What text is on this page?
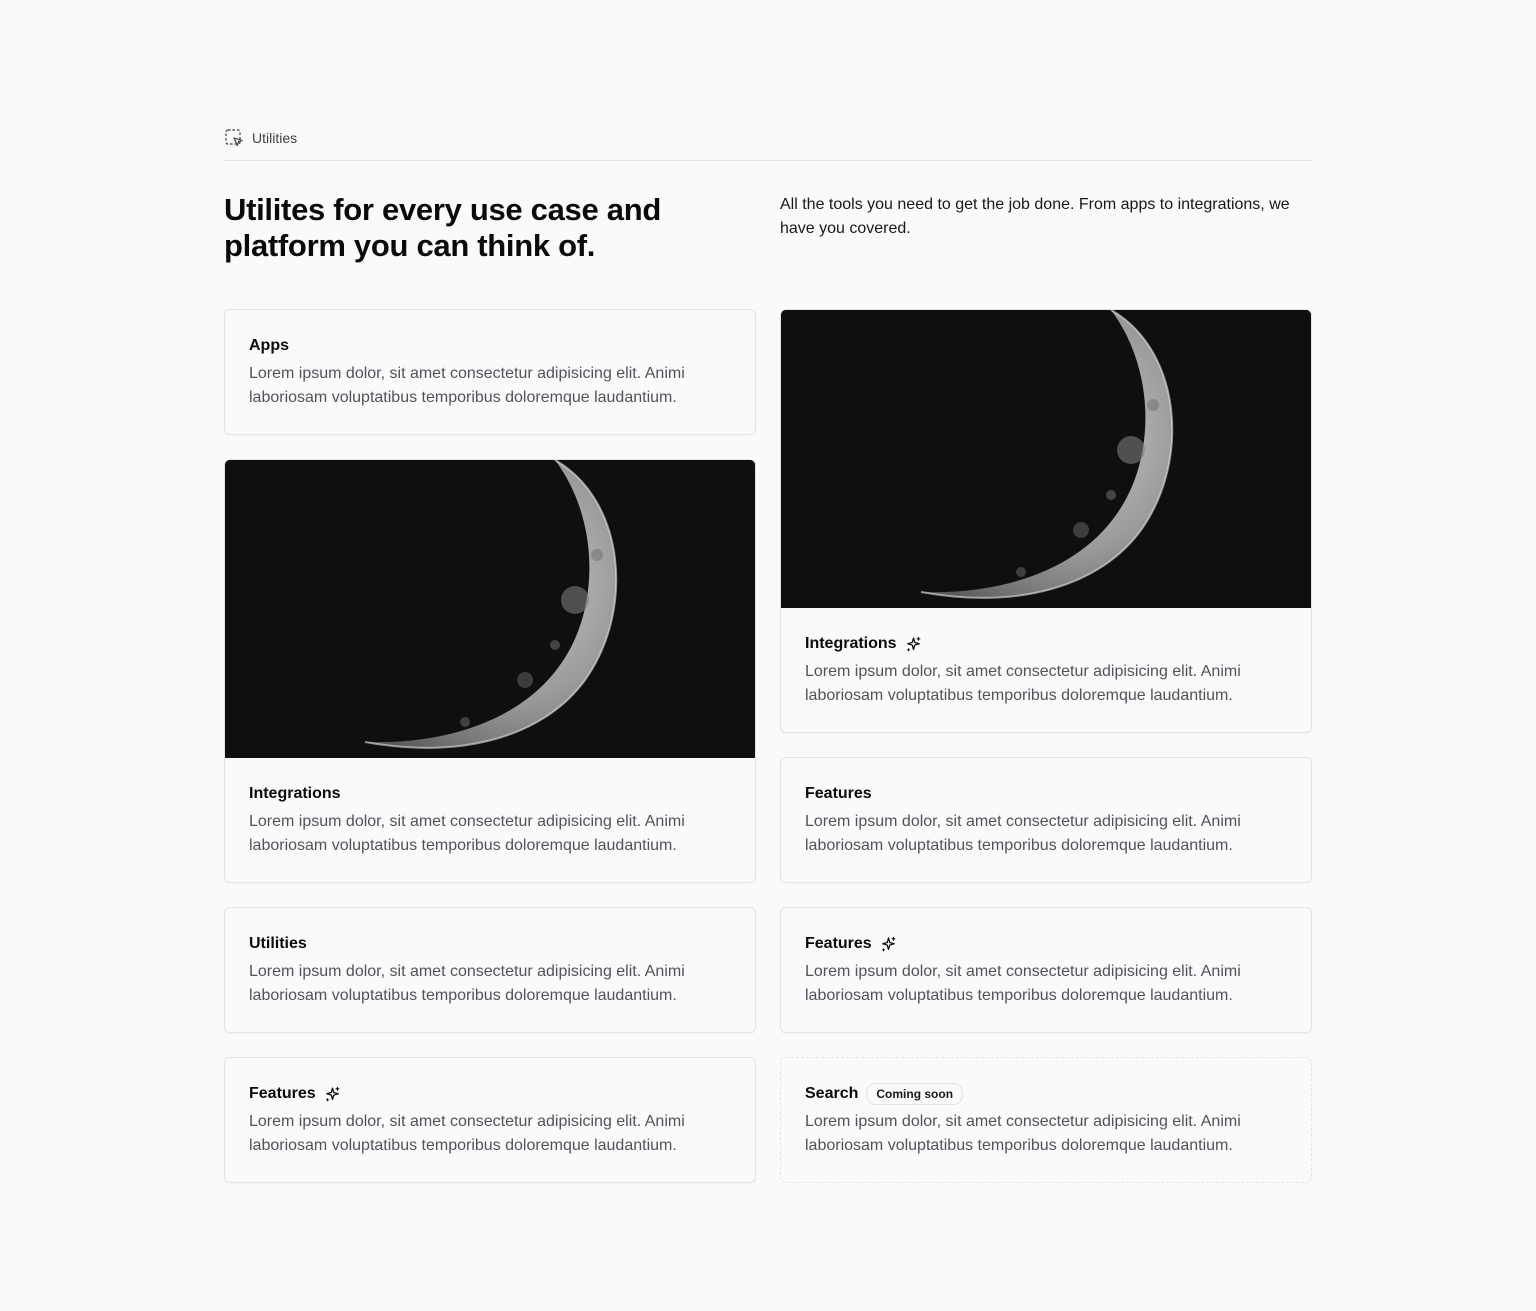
Utilities
Utilites for every use case and platform you can think of.

All the tools you need to get the job done. From apps to integrations, we have you covered.

Apps

Lorem ipsum dolor, sit amet consectetur adipisicing elit. Animi laboriosam voluptatibus temporibus doloremque laudantium.

Integrations

Lorem ipsum dolor, sit amet consectetur adipisicing elit. Animi laboriosam voluptatibus temporibus doloremque laudantium.

Utilities

Lorem ipsum dolor, sit amet consectetur adipisicing elit. Animi laboriosam voluptatibus temporibus doloremque laudantium.

Features

Lorem ipsum dolor, sit amet consectetur adipisicing elit. Animi laboriosam voluptatibus temporibus doloremque laudantium.

Integrations

Lorem ipsum dolor, sit amet consectetur adipisicing elit. Animi laboriosam voluptatibus temporibus doloremque laudantium.

Features

Lorem ipsum dolor, sit amet consectetur adipisicing elit. Animi laboriosam voluptatibus temporibus doloremque laudantium.

Features

Lorem ipsum dolor, sit amet consectetur adipisicing elit. Animi laboriosam voluptatibus temporibus doloremque laudantium.

Search	Coming soon

Lorem ipsum dolor, sit amet consectetur adipisicing elit. Animi laboriosam voluptatibus temporibus doloremque laudantium.
